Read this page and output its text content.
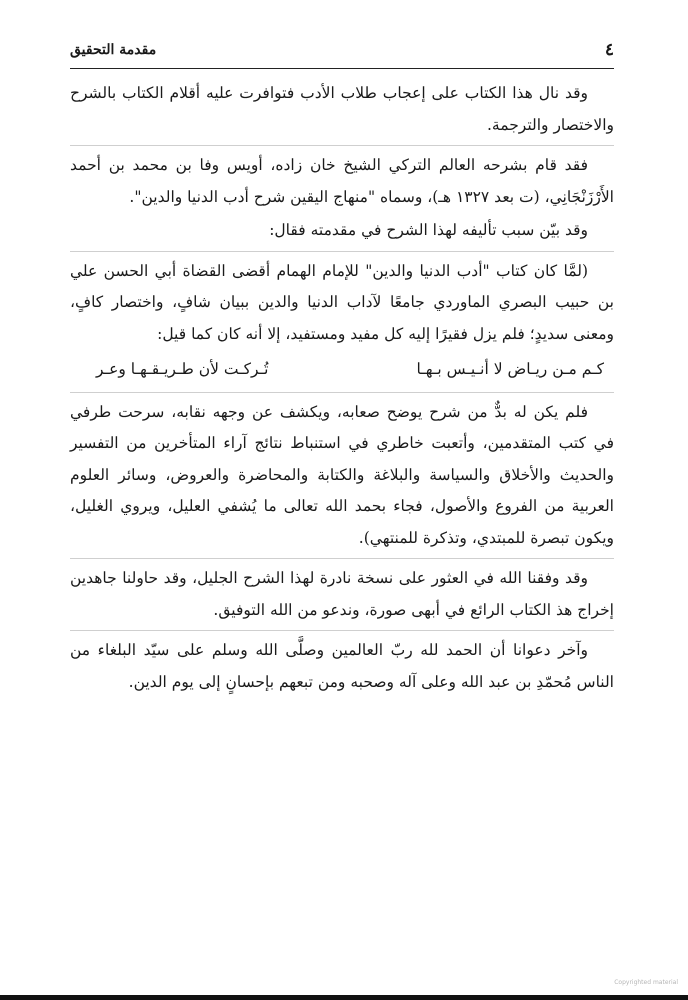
٤
مقدمة التحقيق

وقد نال هذا الكتاب على إعجاب طلاب الأدب فتوافرت عليه أقلام الكتاب بالشرح والاختصار والترجمة.

فقد قام بشرحه العالم التركي الشيخ خان زاده، أويس وفا بن محمد بن أحمد الأَرْزَنْجَانِي، (ت بعد ١٣٢٧ هـ)، وسماه "منهاج اليقين شرح أدب الدنيا والدين".

وقد بيّن سبب تأليفه لهذا الشرح في مقدمته فقال:

(لمَّا كان كتاب "أدب الدنيا والدين" للإمام الهمام أقضى القضاة أبي الحسن علي بن حبيب البصري الماوردي جامعًا لآداب الدنيا والدين ببيان شافٍ، واختصار كافٍ، ومعنى سديدٍ؛ فلم يزل فقيرًا إليه كل مفيد ومستفيد، إلا أنه كان كما قيل:

كـم مـن ريـاض لا أنـيـس بـهـا
تُـركـت لأن طـريـقـهـا وعـر

فلم يكن له بدٌّ من شرح يوضح صعابه، ويكشف عن وجهه نقابه، سرحت طرفي في كتب المتقدمين، وأتعبت خاطري في استنباط نتائج آراء المتأخرين من التفسير والحديث والأخلاق والسياسة والبلاغة والكتابة والمحاضرة والعروض، وسائر العلوم العربية من الفروع والأصول، فجاء بحمد الله تعالى ما يُشفي العليل، ويروي الغليل، ويكون تبصرة للمبتدي، وتذكرة للمنتهي).

وقد وفقنا الله في العثور على نسخة نادرة لهذا الشرح الجليل، وقد حاولنا جاهدين إخراج هذ الكتاب الرائع في أبهى صورة، وندعو من الله التوفيق.

وآخر دعوانا أن الحمد لله ربّ العالمين وصلَّى الله وسلم على سيّد البلغاء من الناس مُحمّدِ بن عبد الله وعلى آله وصحبه ومن تبعهم بإحسانٍ إلى يوم الدين.

Copyrighted material
